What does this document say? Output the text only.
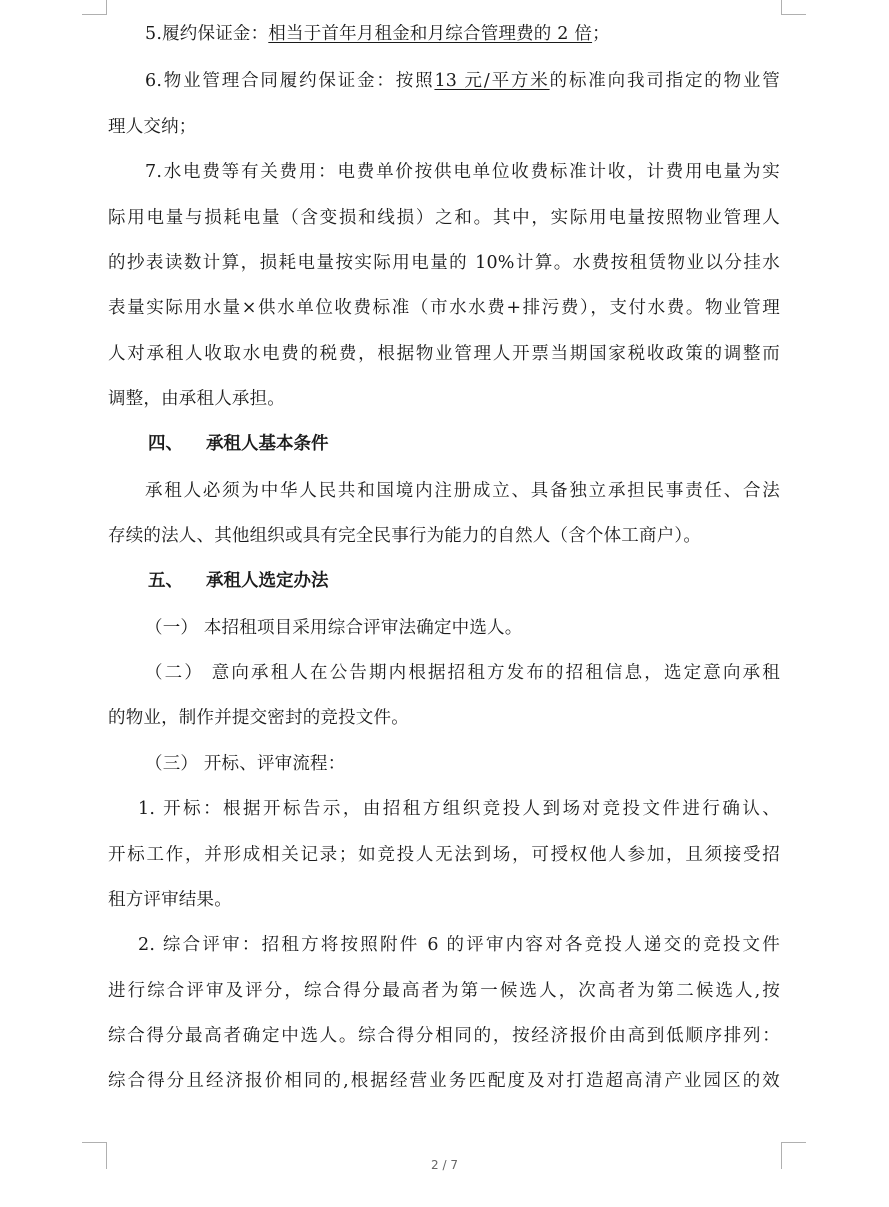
5.履约保证金：相当于首年月租金和月综合管理费的 2 倍；
6.物业管理合同履约保证金：按照13 元/平方米的标准向我司指定的物业管
理人交纳；
7.水电费等有关费用：电费单价按供电单位收费标准计收，计费用电量为实
际用电量与损耗电量（含变损和线损）之和。其中，实际用电量按照物业管理人
的抄表读数计算，损耗电量按实际用电量的 10%计算。水费按租赁物业以分挂水
表量实际用水量×供水单位收费标准（市水水费+排污费），支付水费。物业管理
人对承租人收取水电费的税费，根据物业管理人开票当期国家税收政策的调整而
调整，由承租人承担。
四、 承租人基本条件
承租人必须为中华人民共和国境内注册成立、具备独立承担民事责任、合法
存续的法人、其他组织或具有完全民事行为能力的自然人（含个体工商户）。
五、 承租人选定办法
（一） 本招租项目采用综合评审法确定中选人。
（二） 意向承租人在公告期内根据招租方发布的招租信息，选定意向承租
的物业，制作并提交密封的竞投文件。
（三） 开标、评审流程：
1. 开标：根据开标告示，由招租方组织竞投人到场对竞投文件进行确认、
开标工作，并形成相关记录；如竞投人无法到场，可授权他人参加，且须接受招
租方评审结果。
2. 综合评审：招租方将按照附件 6 的评审内容对各竞投人递交的竞投文件
进行综合评审及评分，综合得分最高者为第一候选人，次高者为第二候选人,按
综合得分最高者确定中选人。综合得分相同的，按经济报价由高到低顺序排列：
综合得分且经济报价相同的,根据经营业务匹配度及对打造超高清产业园区的效
2 / 7
